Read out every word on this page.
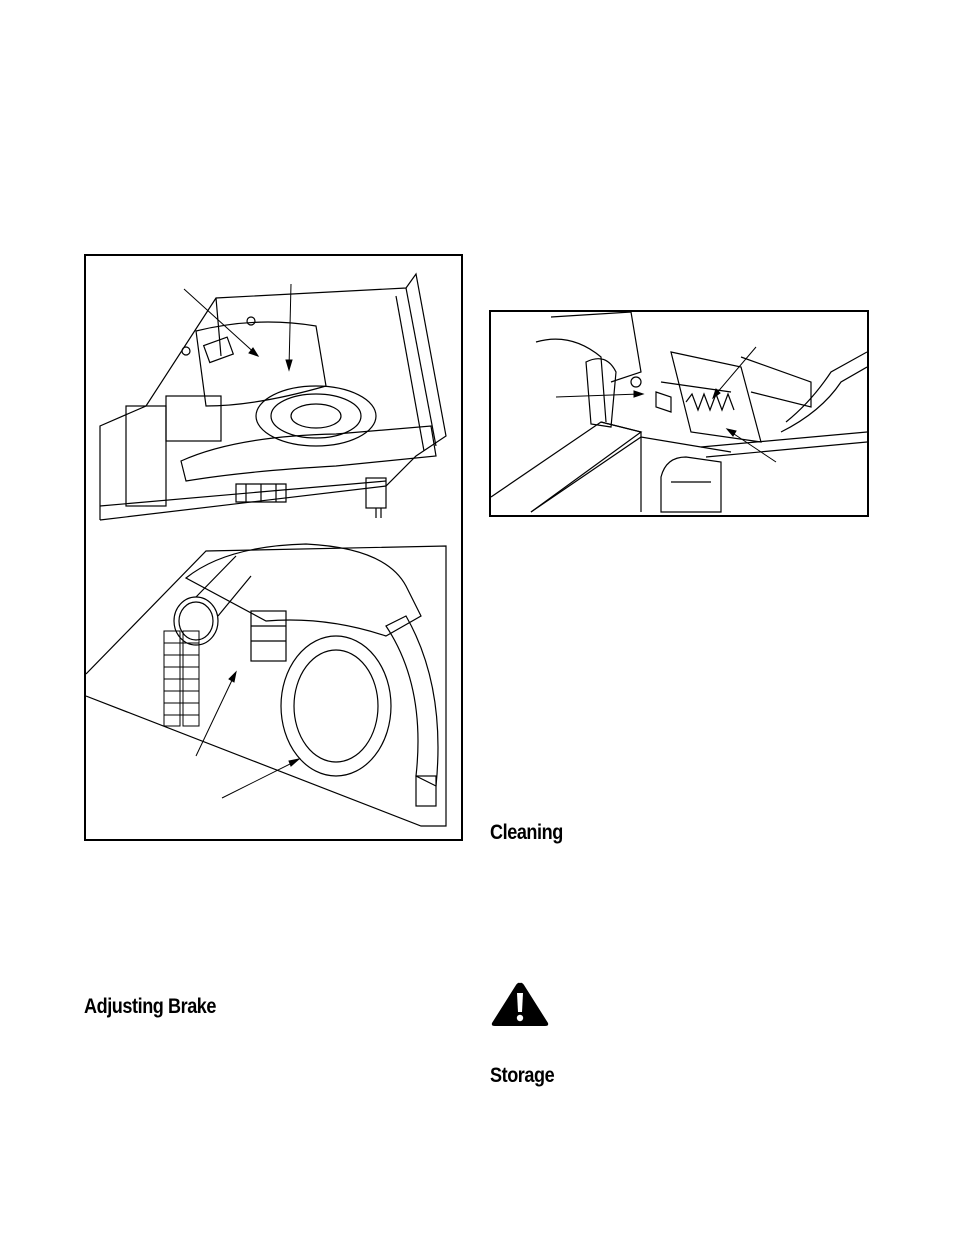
Cleaning
Adjusting Brake
Storage
